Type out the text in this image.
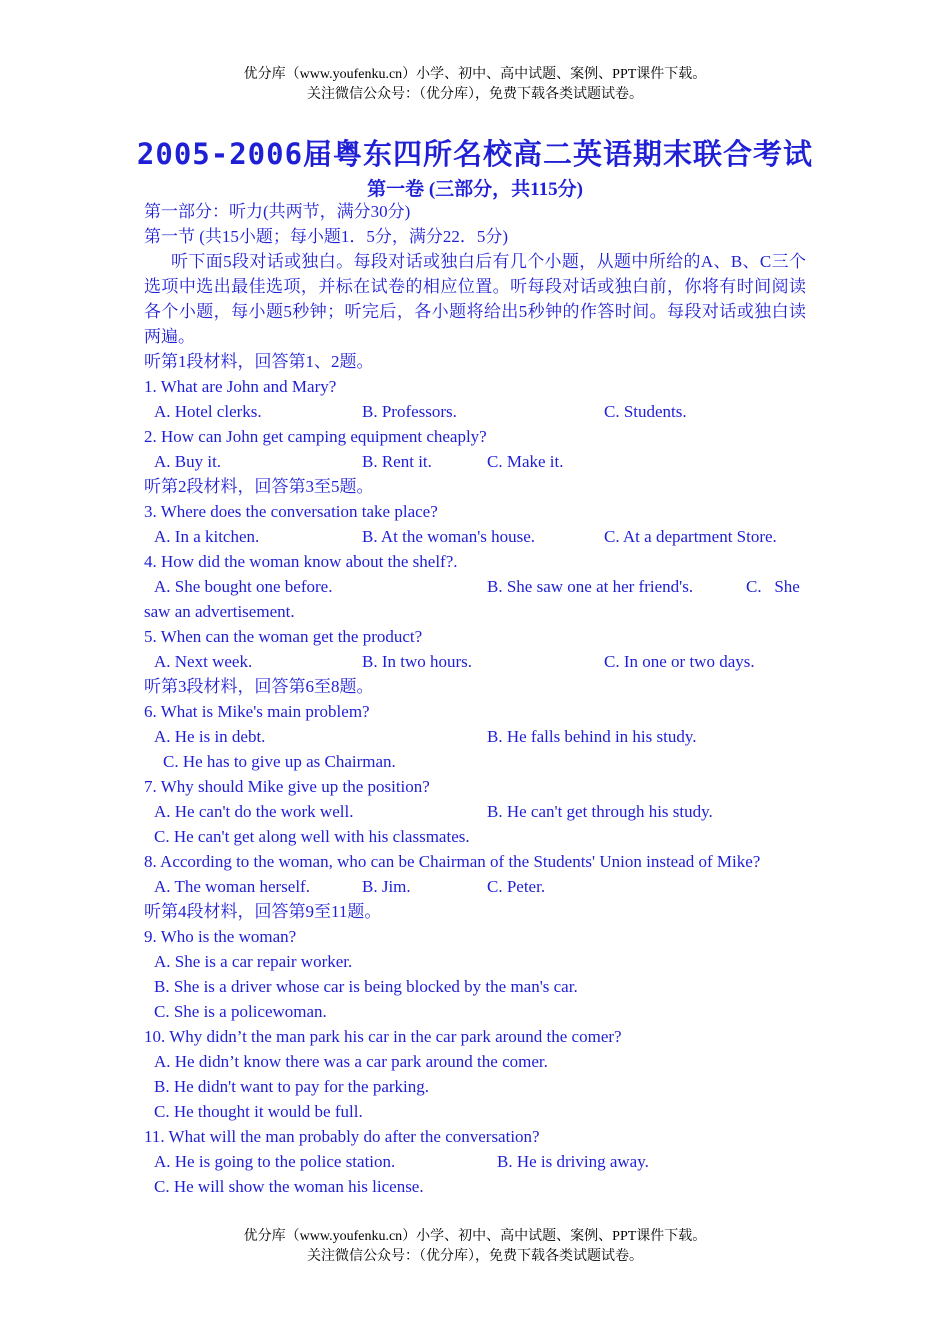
优分库（www.youfenku.cn）小学、初中、高中试题、案例、PPT课件下载。
关注微信公众号：（优分库），免费下载各类试题试卷。
2005-2006届粤东四所名校高二英语期末联合考试
第一卷 (三部分，共115分)
第一部分：听力(共两节，满分30分)
第一节 (共15小题；每小题1．5分，满分22．5分)
听下面5段对话或独白。每段对话或独白后有几个小题，从题中所给的A、B、C三个选项中选出最佳选项，并标在试卷的相应位置。听每段对话或独白前，你将有时间阅读各个小题，每小题5秒钟；听完后，各小题将给出5秒钟的作答时间。每段对话或独白读两遍。
听第1段材料，回答第1、2题。
1. What are John and Mary?
A. Hotel clerks.	B. Professors.	C. Students.
2. How can John get camping equipment cheaply?
A. Buy it.	B. Rent it.	C. Make it.
听第2段材料，回答第3至5题。
3. Where does the conversation take place?
A. In a kitchen.	B. At the woman's house.	C. At a department Store.
4. How did the woman know about the shelf?.
A. She bought one before.	B. She saw one at her friend's.	C.   She
saw an advertisement.
5. When can the woman get the product?
A. Next week.	B. In two hours.	C. In one or two days.
听第3段材料，回答第6至8题。
6. What is Mike's main problem?
A. He is in debt.	B. He falls behind in his study.
C. He has to give up as Chairman.
7. Why should Mike give up the position?
A. He can't do the work well.	B. He can't get through his study.
C. He can't get along well with his classmates.
8. According to the woman, who can be Chairman of the Students' Union instead of Mike?
A. The woman herself.	B. Jim.	C. Peter.
听第4段材料，回答第9至11题。
9. Who is the woman?
A. She is a car repair worker.
B. She is a driver whose car is being blocked by the man's car.
C. She is a policewoman.
10. Why didn’t the man park his car in the car park around the comer?
A. He didn’t know there was a car park around the comer.
B. He didn't want to pay for the parking.
C. He thought it would be full.
11. What will the man probably do after the conversation?
A. He is going to the police station.	B. He is driving away.
C. He will show the woman his license.
优分库（www.youfenku.cn）小学、初中、高中试题、案例、PPT课件下载。
关注微信公众号：（优分库），免费下载各类试题试卷。
